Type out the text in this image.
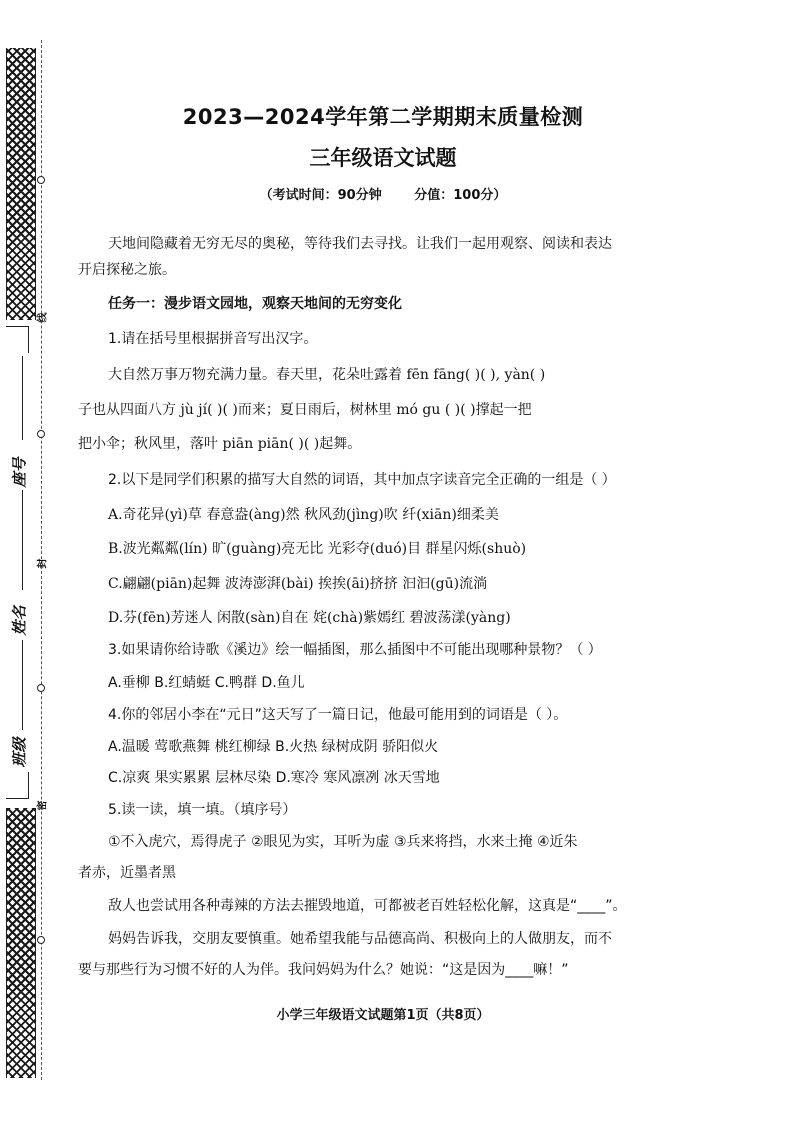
线
封
密
座号
姓名
班级
2023—2024学年第二学期期末质量检测
三年级语文试题
（考试时间：90分钟	分值：100分）
天地间隐藏着无穷无尽的奥秘，等待我们去寻找。让我们一起用观察、阅读和表达
开启探秘之旅。
任务一：漫步语文园地，观察天地间的无穷变化
1.请在括号里根据拼音写出汉字。
大自然万事万物充满力量。春天里，花朵吐露着 fēn fāng( )( ), yàn( )
子也从四面八方 jù jí( )( )而来；夏日雨后，树林里 mó gu ( )( )撑起一把
把小伞；秋风里，落叶 piān piān( )( )起舞。
2.以下是同学们积累的描写大自然的词语，其中加点字读音完全正确的一组是（ ）
A.奇花异(yì)草 春意盎(àng)然 秋风劲(jìng)吹 纤(xiān)细柔美
B.波光粼粼(lín) 旷(guàng)亮无比 光彩夺(duó)目 群星闪烁(shuò)
C.翩翩(piān)起舞 波涛澎湃(bài) 挨挨(āi)挤挤 汩汩(gū)流淌
D.芬(fēn)芳迷人 闲散(sàn)自在 姹(chà)紫嫣红 碧波荡漾(yàng)
3.如果请你给诗歌《溪边》绘一幅插图，那么插图中不可能出现哪种景物？（ ）
A.垂柳 B.红蜻蜓 C.鸭群 D.鱼儿
4.你的邻居小李在“元日”这天写了一篇日记，他最可能用到的词语是（ ）。
A.温暖 莺歌燕舞 桃红柳绿 B.火热 绿树成阴 骄阳似火
C.凉爽 果实累累 层林尽染 D.寒冷 寒风凛冽 冰天雪地
5.读一读，填一填。（填序号）
①不入虎穴，焉得虎子 ②眼见为实，耳听为虚 ③兵来将挡，水来土掩 ④近朱
者赤，近墨者黑
敌人也尝试用各种毒辣的方法去摧毁地道，可都被老百姓轻松化解，这真是“____”。
妈妈告诉我，交朋友要慎重。她希望我能与品德高尚、积极向上的人做朋友，而不
要与那些行为习惯不好的人为伴。我问妈妈为什么？她说：“这是因为____嘛！”
小学三年级语文试题第1页（共8页）
